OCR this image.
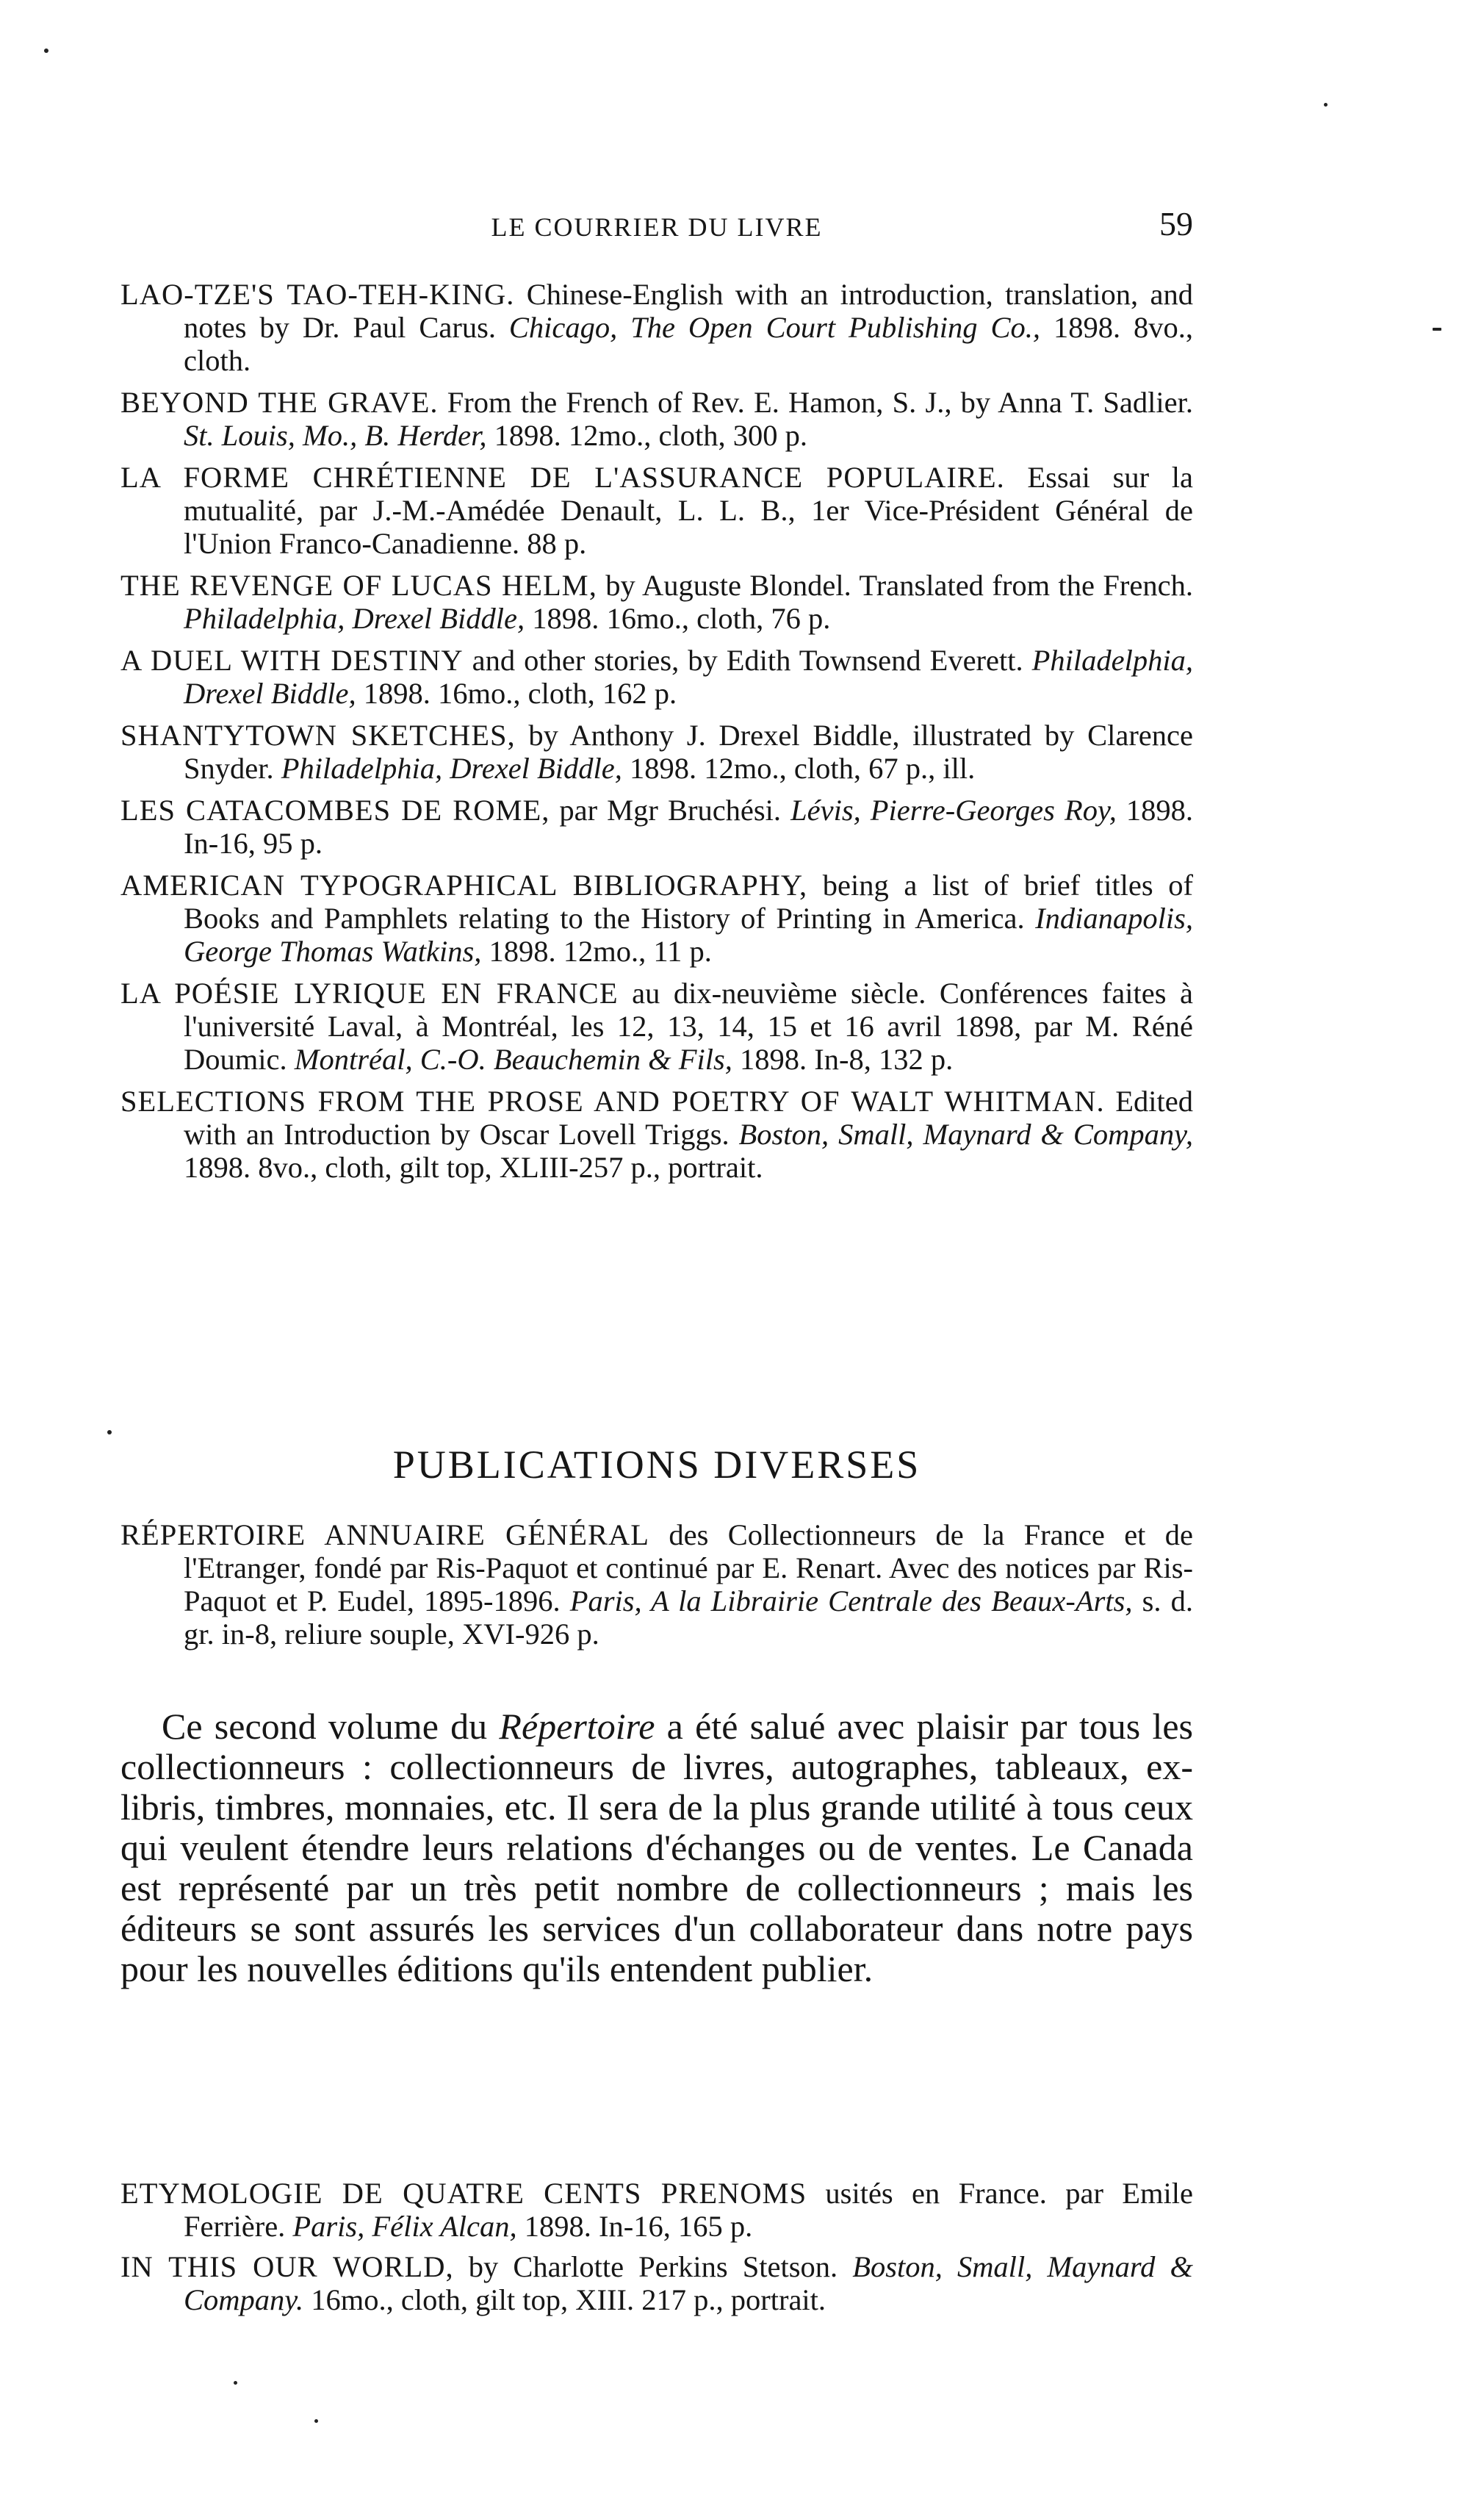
LE COURRIER DU LIVRE	59

LAO-TZE'S TAO-TEH-KING. Chinese-English with an introduction, translation, and notes by Dr. Paul Carus. Chicago, The Open Court Publishing Co., 1898. 8vo., cloth.

BEYOND THE GRAVE. From the French of Rev. E. Hamon, S. J., by Anna T. Sadlier. St. Louis, Mo., B. Herder, 1898. 12mo., cloth, 300 p.

LA FORME CHRÉTIENNE DE L'ASSURANCE POPULAIRE. Essai sur la mutualité, par J.-M.-Amédée Denault, L. L. B., 1er Vice-Président Général de l'Union Franco-Canadienne. 88 p.

THE REVENGE OF LUCAS HELM, by Auguste Blondel. Translated from the French. Philadelphia, Drexel Biddle, 1898. 16mo., cloth, 76 p.

A DUEL WITH DESTINY and other stories, by Edith Townsend Everett. Philadelphia, Drexel Biddle, 1898. 16mo., cloth, 162 p.

SHANTYTOWN SKETCHES, by Anthony J. Drexel Biddle, illustrated by Clarence Snyder. Philadelphia, Drexel Biddle, 1898. 12mo., cloth, 67 p., ill.

LES CATACOMBES DE ROME, par Mgr Bruchési. Lévis, Pierre-Georges Roy, 1898. In-16, 95 p.

AMERICAN TYPOGRAPHICAL BIBLIOGRAPHY, being a list of brief titles of Books and Pamphlets relating to the History of Printing in America. Indianapolis, George Thomas Watkins, 1898. 12mo., 11 p.

LA POÉSIE LYRIQUE EN FRANCE au dix-neuvième siècle. Conférences faites à l'université Laval, à Montréal, les 12, 13, 14, 15 et 16 avril 1898, par M. Réné Doumic. Montréal, C.-O. Beauchemin & Fils, 1898. In-8, 132 p.

SELECTIONS FROM THE PROSE AND POETRY OF WALT WHITMAN. Edited with an Introduction by Oscar Lovell Triggs. Boston, Small, Maynard & Company, 1898. 8vo., cloth, gilt top, XLIII-257 p., portrait.

PUBLICATIONS DIVERSES

RÉPERTOIRE ANNUAIRE GÉNÉRAL des Collectionneurs de la France et de l'Etranger, fondé par Ris-Paquot et continué par E. Renart. Avec des notices par Ris-Paquot et P. Eudel, 1895-1896. Paris, A la Librairie Centrale des Beaux-Arts, s. d. gr. in-8, reliure souple, XVI-926 p.

Ce second volume du Répertoire a été salué avec plaisir par tous les collectionneurs : collectionneurs de livres, autographes, tableaux, ex-libris, timbres, monnaies, etc. Il sera de la plus grande utilité à tous ceux qui veulent étendre leurs relations d'échanges ou de ventes. Le Canada est représenté par un très petit nombre de collectionneurs ; mais les éditeurs se sont assurés les services d'un collaborateur dans notre pays pour les nouvelles éditions qu'ils entendent publier.

ETYMOLOGIE DE QUATRE CENTS PRENOMS usités en France. par Emile Ferrière. Paris, Félix Alcan, 1898. In-16, 165 p.

IN THIS OUR WORLD, by Charlotte Perkins Stetson. Boston, Small, Maynard & Company. 16mo., cloth, gilt top, XIII. 217 p., portrait.
